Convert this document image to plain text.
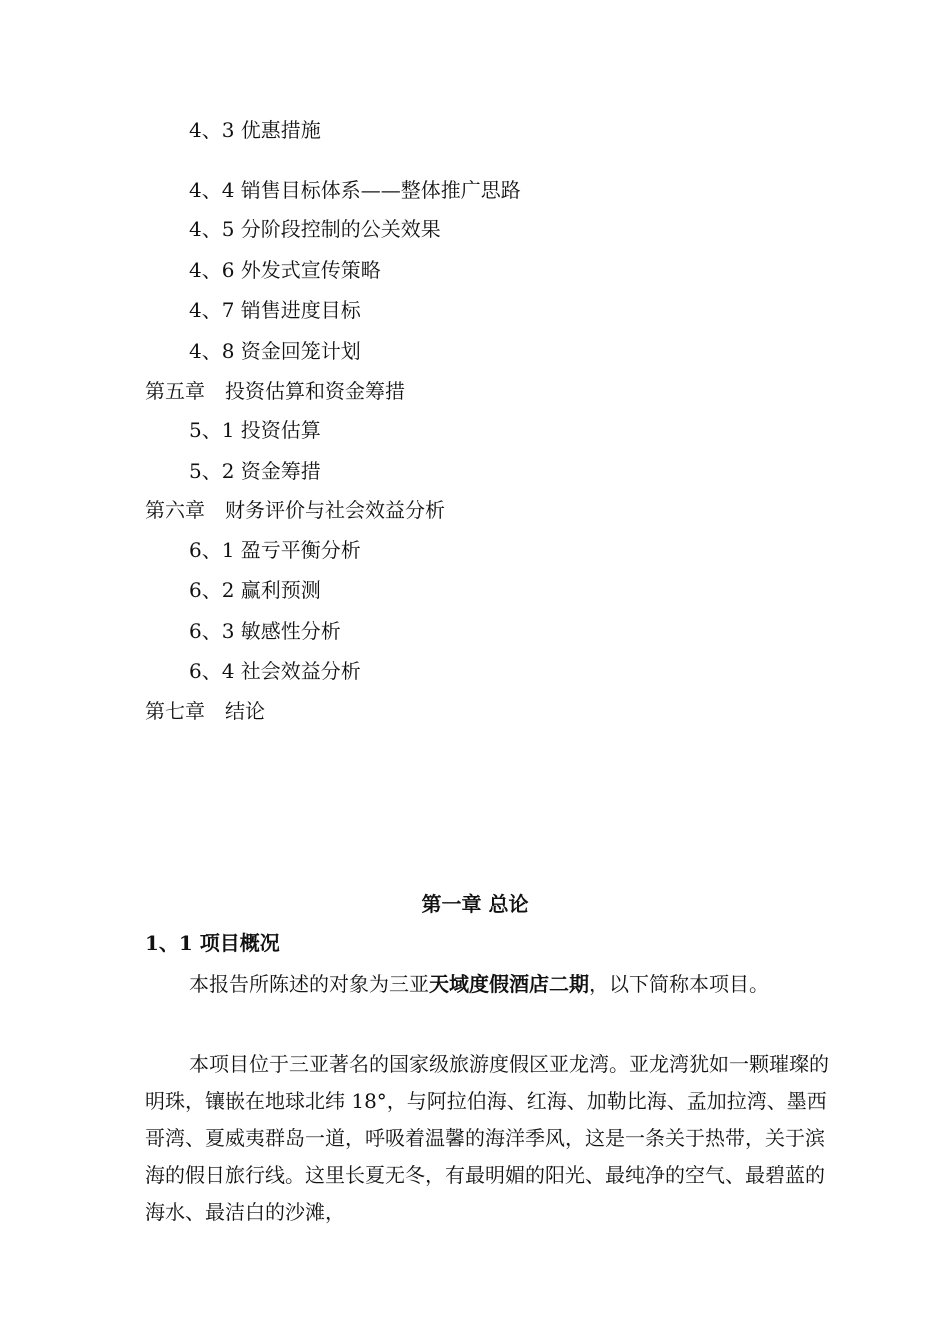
4、3 优惠措施
4、4 销售目标体系——整体推广思路
4、5 分阶段控制的公关效果
4、6 外发式宣传策略
4、7 销售进度目标
4、8 资金回笼计划
第五章　投资估算和资金筹措
5、1 投资估算
5、2 资金筹措
第六章　财务评价与社会效益分析
6、1 盈亏平衡分析
6、2 赢利预测
6、3 敏感性分析
6、4 社会效益分析
第七章　结论
第一章 总论
1、1 项目概况
本报告所陈述的对象为三亚天域度假酒店二期，以下简称本项目。
本项目位于三亚著名的国家级旅游度假区亚龙湾。亚龙湾犹如一颗璀璨的明珠，镶嵌在地球北纬 18°，与阿拉伯海、红海、加勒比海、孟加拉湾、墨西哥湾、夏威夷群岛一道，呼吸着温馨的海洋季风，这是一条关于热带，关于滨海的假日旅行线。这里长夏无冬，有最明媚的阳光、最纯净的空气、最碧蓝的海水、最洁白的沙滩，
